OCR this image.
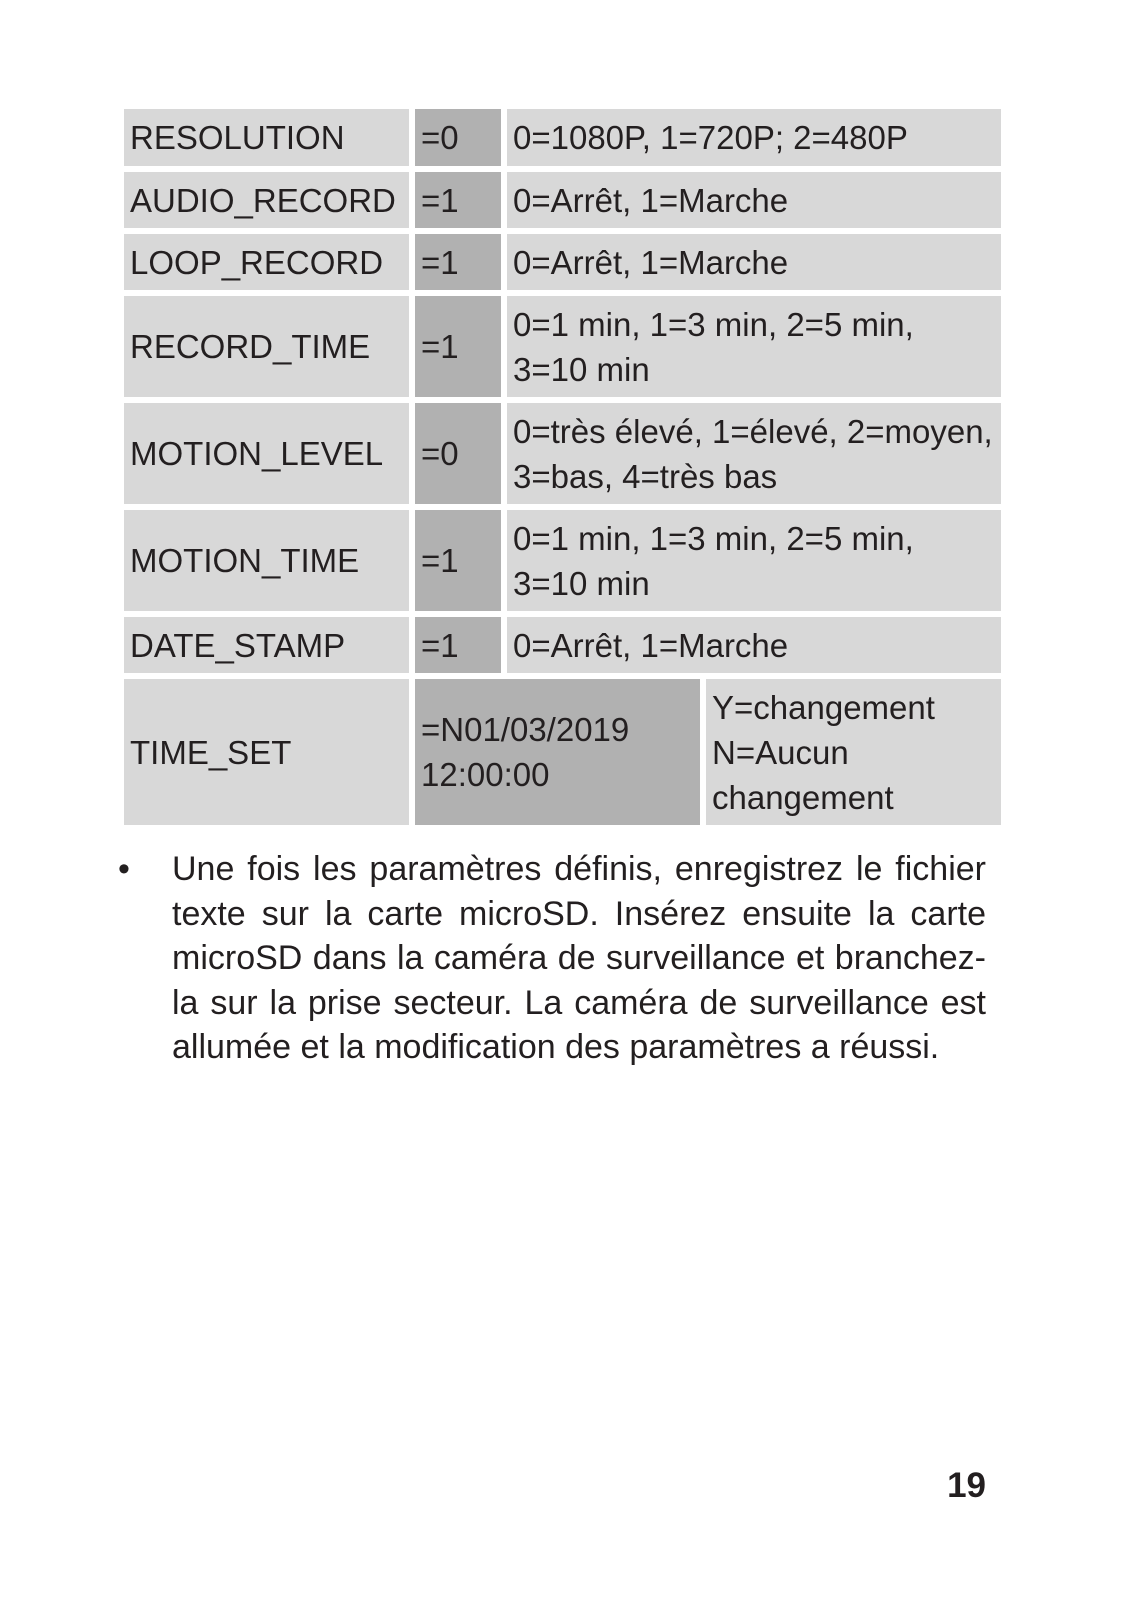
RESOLUTION =0 0=1080P, 1=720P; 2=480P
AUDIO_RECORD =1 0=Arrêt, 1=Marche
LOOP_RECORD =1 0=Arrêt, 1=Marche
RECORD_TIME =1
0=1 min, 1=3 min, 2=5 min,
3=10 min
MOTION_LEVEL =0
0=très élevé, 1=élevé, 2=moyen,
3=bas, 4=très bas
MOTION_TIME =1
0=1 min, 1=3 min, 2=5 min,
3=10 min
DATE_STAMP =1 0=Arrêt, 1=Marche
TIME_SET
=N01/03/2019
12:00:00
Y=changement
N=Aucun
changement
• Une fois les paramètres définis, enregistrez le fichier texte sur la carte microSD. Insérez ensuite la carte microSD dans la caméra de surveillance et branchez-la sur la prise secteur. La caméra de surveillance est allumée et la modification des paramètres a réussi.

19
